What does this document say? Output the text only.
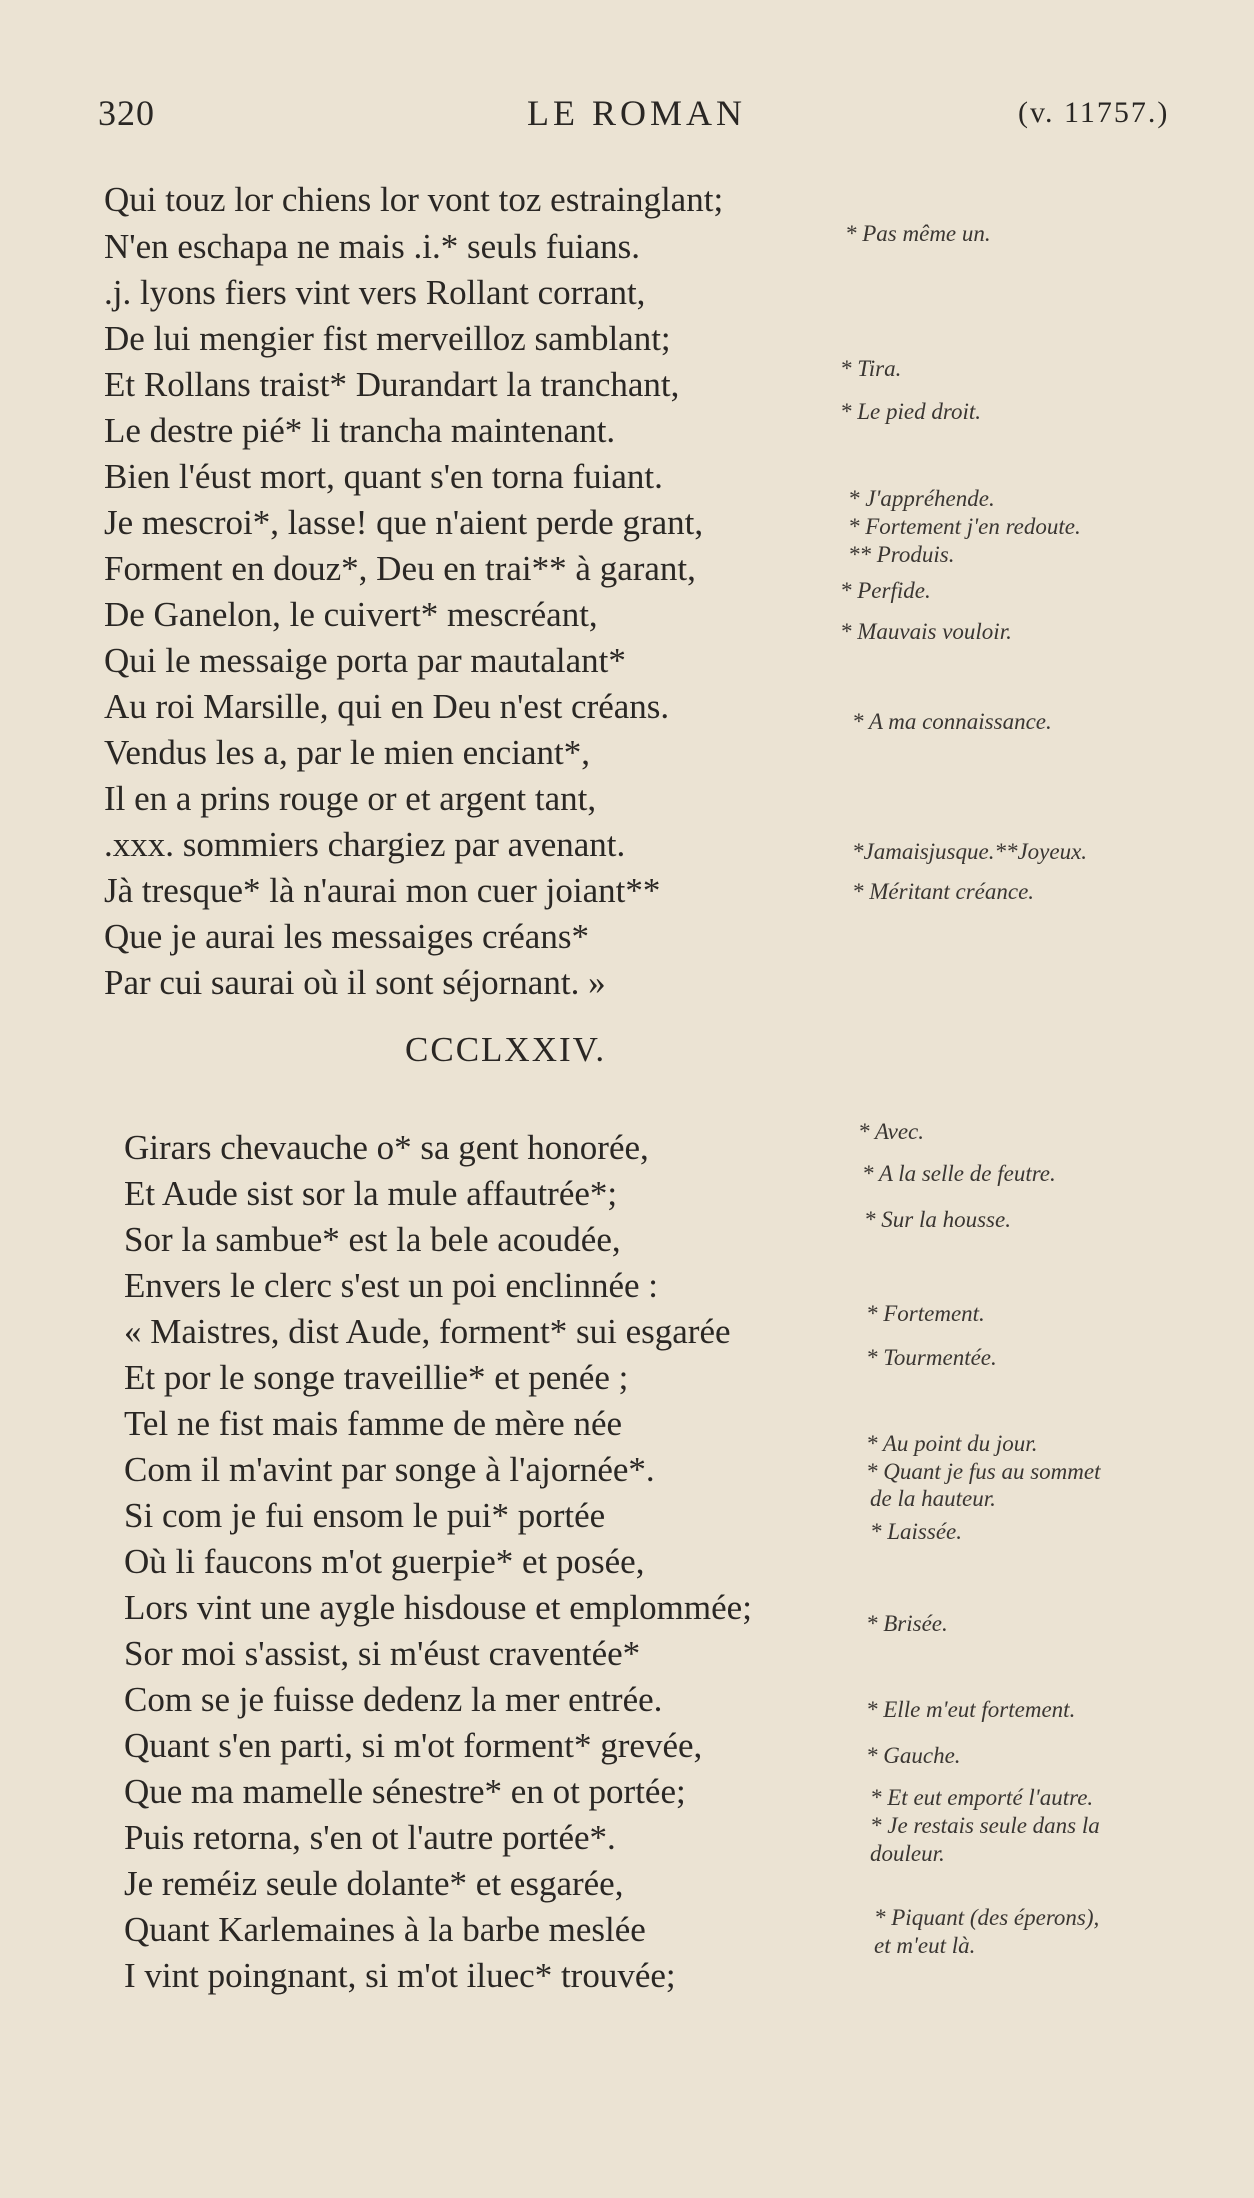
320	LE ROMAN	(v. 11757.)
Qui touz lor chiens lor vont toz estrainglant;
N'en eschapa ne mais .i.* seuls fuians.
.j. lyons fiers vint vers Rollant corrant,
De lui mengier fist merveilloz samblant;
Et Rollans traist* Durandart la tranchant,
Le destre pié* li trancha maintenant.
Bien l'éust mort, quant s'en torna fuiant.
Je mescroi*, lasse! que n'aient perde grant,
Forment en douz*, Deu en trai** à garant,
De Ganelon, le cuivert* mescréant,
Qui le messaige porta par mautalant*
Au roi Marsille, qui en Deu n'est créans.
Vendus les a, par le mien enciant*,
Il en a prins rouge or et argent tant,
.xxx. sommiers chargiez par avenant.
Jà tresque* là n'aurai mon cuer joiant**
Que je aurai les messaiges créans*
Par cui saurai où il sont séjornant. »
* Pas même un.
* Tira.
* Le pied droit.
* J'appréhende.
* Fortement j'en redoute.
** Produis.
* Perfide.
* Mauvais vouloir.
* A ma connaissance.
*Jamaisjusque.**Joyeux.
* Méritant créance.
CCCLXXIV.
Girars chevauche o* sa gent honorée,
Et Aude sist sor la mule affautrée*;
Sor la sambue* est la bele acoudée,
Envers le clerc s'est un poi enclinnée :
« Maistres, dist Aude, forment* sui esgarée
Et por le songe traveillie* et penée ;
Tel ne fist mais famme de mère née
Com il m'avint par songe à l'ajornée*.
Si com je fui ensom le pui* portée
Où li faucons m'ot guerpie* et posée,
Lors vint une aygle hisdouse et emplommée;
Sor moi s'assist, si m'éust craventée*
Com se je fuisse dedenz la mer entrée.
Quant s'en parti, si m'ot forment* grevée,
Que ma mamelle sénestre* en ot portée;
Puis retorna, s'en ot l'autre portée*.
Je reméiz seule dolante* et esgarée,
Quant Karlemaines à la barbe meslée
I vint poingnant, si m'ot iluec* trouvée;
* Avec.
* A la selle de feutre.
* Sur la housse.
* Fortement.
* Tourmentée.
* Au point du jour.
* Quant je fus au sommet
de la hauteur.
* Laissée.
* Brisée.
* Elle m'eut fortement.
* Gauche.
* Et eut emporté l'autre.
* Je restais seule dans la
douleur.
* Piquant (des éperons),
et m'eut là.
